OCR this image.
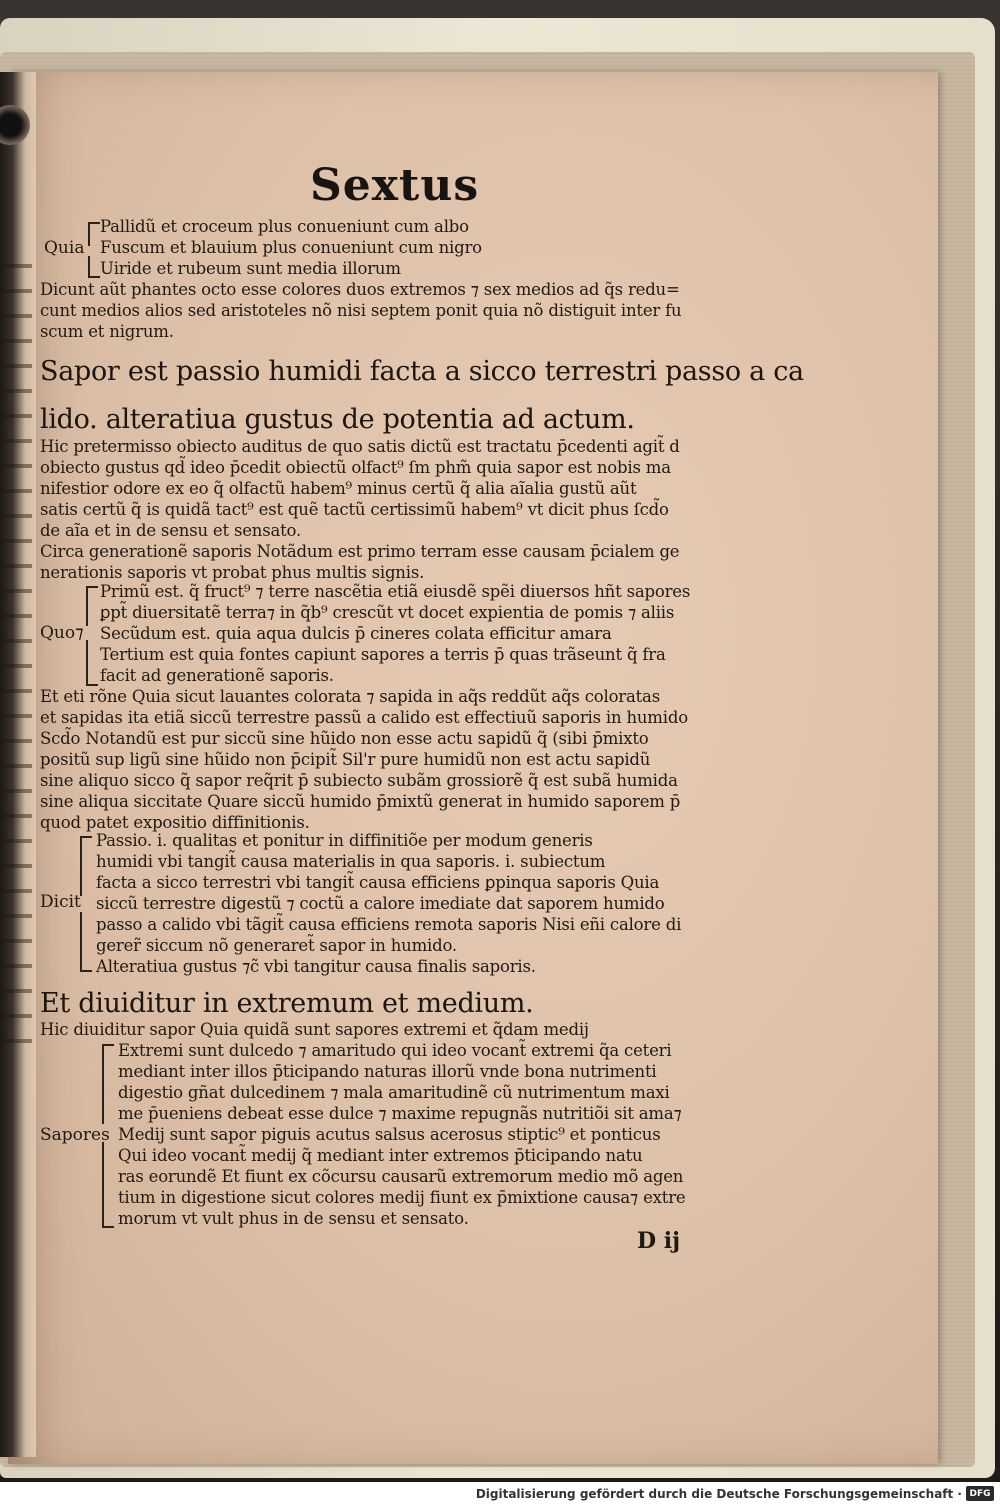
Sextus
Quia
Pallidũ et croceum plus conueniunt cum albo
Fuscum et blauium plus conueniunt cum nigro
Uiride et rubeum sunt media illorum
Dicunt aũt phantes octo esse colores duos extremos ⁊ sex medios ad q̃s redu=
cunt medios alios sed aristoteles nõ nisi septem ponit quia nõ distiguit inter fu
scum et nigrum.
Sapor est passio humidi facta a sicco terrestri passo a ca
lido. alteratiua gustus de potentia ad actum.
Hic pretermisso obiecto auditus de quo satis dictũ est tractatu p̄cedenti agit̃ d
obiecto gustus qd̃ ideo p̄cedit obiectũ olfact⁹ ſm phm̃ quia sapor est nobis ma
nifestior odore ex eo q̃ olfactũ habem⁹ minus certũ q̃ alia aĩalia gustũ aũt
satis certũ q̃ is quidã tact⁹ est quẽ tactũ certissimũ habem⁹ vt dicit phus ſcd̃o
de aĩa et in de sensu et sensato.
Circa generationẽ saporis Notãdum est primo terram esse causam p̄cialem ge
nerationis saporis vt probat phus multis signis.
Quo⁊
Primũ est. q̃ fruct⁹ ⁊ terre nascẽtia etiã eiusdẽ spẽi diuersos hñt sapores
ꝑpt̃ diuersitatẽ terra⁊ in q̃b⁹ crescũt vt docet expientia de pomis ⁊ aliis
Secũdum est. quia aqua dulcis p̄ cineres colata efficitur amara
Tertium est quia fontes capiunt sapores a terris p̄ quas trãseunt q̃ fra
facit ad generationẽ saporis.
Et eti rõne Quia sicut lauantes colorata ⁊ sapida in aq̃s reddũt aq̃s coloratas
et sapidas ita etiã siccũ terrestre passũ a calido est effectiuũ saporis in humido
Scd̃o Notandũ est pur siccũ sine hũido non esse actu sapidũ q̃ (sibi p̄mixto
positũ sup ligũ sine hũido non p̄cipit̃ Sil'r pure humidũ non est actu sapidũ
sine aliquo sicco q̃ sapor req̃rit p̄ subiecto subãm grossiorẽ q̃ est subã humida
sine aliqua siccitate Quare siccũ humido p̄mixtũ generat in humido saporem p̄
quod patet expositio diffinitionis.
Dicit
Passio. i. qualitas et ponitur in diffinitiõe per modum generis
humidi vbi tangit̃ causa materialis in qua saporis. i. subiectum
facta a sicco terrestri vbi tangit̃ causa efficiens ꝑpinqua saporis Quia
siccũ terrestre digestũ ⁊ coctũ a calore imediate dat saporem humido
passo a calido vbi tãgit̃ causa efficiens remota saporis Nisi eñi calore di
gerer̃ siccum nõ generaret̃ sapor in humido.
Alteratiua gustus ⁊c̃ vbi tangitur causa finalis saporis.
Et diuiditur in extremum et medium.
Hic diuiditur sapor Quia quidã sunt sapores extremi et q̃dam medij
Sapores
Extremi sunt dulcedo ⁊ amaritudo qui ideo vocant̃ extremi q̃a ceteri
mediant inter illos p̄ticipando naturas illorũ vnde bona nutrimenti
digestio gñat dulcedinem ⁊ mala amaritudinẽ cũ nutrimentum maxi
me p̄ueniens debeat esse dulce ⁊ maxime repugnãs nutritiõi sit ama⁊
Medij sunt sapor piguis acutus salsus acerosus stiptic⁹ et ponticus
Qui ideo vocant̃ medij q̃ mediant inter extremos p̄ticipando natu
ras eorundẽ Et fiunt ex cõcursu causarũ extremorum medio mõ agen
tium in digestione sicut colores medij fiunt ex p̄mixtione causa⁊ extre
morum vt vult phus in de sensu et sensato.
D ij
Digitalisierung gefördert durch die Deutsche Forschungsgemeinschaft · DFG
